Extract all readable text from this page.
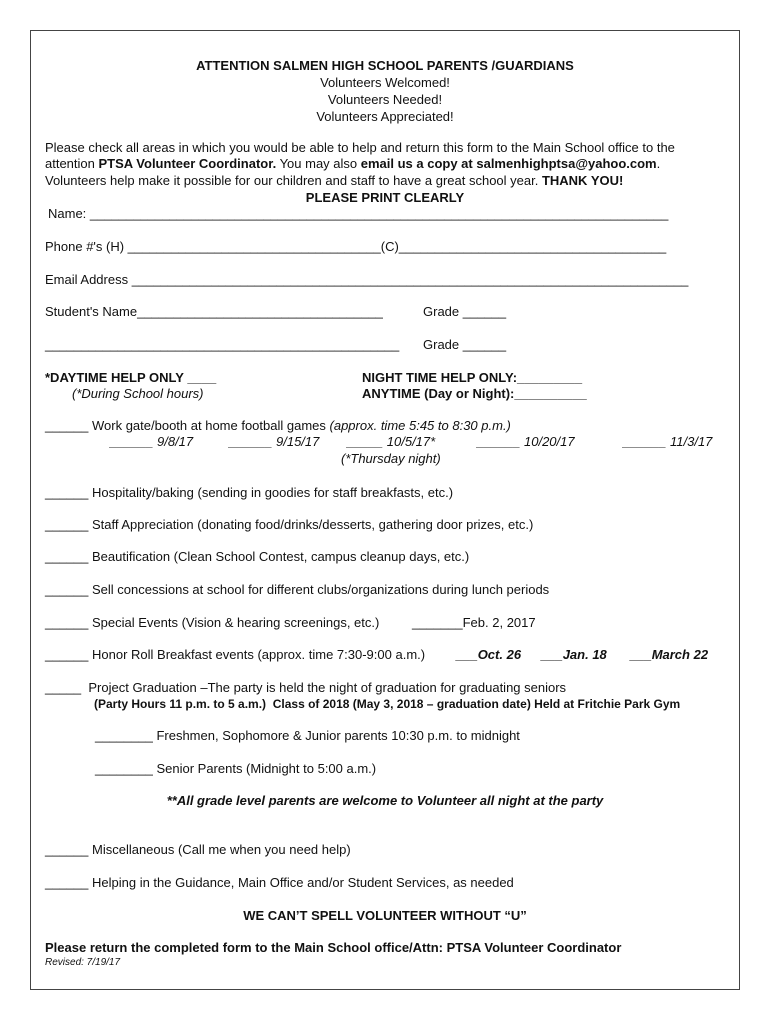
ATTENTION SALMEN HIGH SCHOOL PARENTS /GUARDIANS
Volunteers Welcomed!
Volunteers Needed!
Volunteers Appreciated!
Please check all areas in which you would be able to help and return this form to the Main School office to the
attention PTSA Volunteer Coordinator. You may also email us a copy at salmenhighptsa@yahoo.com.
Volunteers help make it possible for our children and staff to have a great school year. THANK YOU!
PLEASE PRINT CLEARLY
Name: ________________________________________________________________________________
Phone #'s (H) ___________________________________(C)_____________________________________
Email Address _____________________________________________________________________________
Student's Name__________________________________	Grade ______
_________________________________________________ Grade ______
*DAYTIME HELP ONLY ____
(*During School hours)
NIGHT TIME HELP ONLY:_________
ANYTIME (Day or Night):__________
______ Work gate/booth at home football games (approx. time 5:45 to 8:30 p.m.)
______ 9/8/17	______ 9/15/17 _____ 10/5/17*	______ 10/20/17	______ 11/3/17
(*Thursday night)
______ Hospitality/baking (sending in goodies for staff breakfasts, etc.)
______ Staff Appreciation (donating food/drinks/desserts, gathering door prizes, etc.)
______ Beautification (Clean School Contest, campus cleanup days, etc.)
______ Sell concessions at school for different clubs/organizations during lunch periods
______ Special Events (Vision & hearing screenings, etc.)	_______Feb. 2, 2017
______ Honor Roll Breakfast events (approx. time 7:30-9:00 a.m.) ___Oct. 26 ___Jan. 18 ___March 22
_____  Project Graduation –The party is held the night of graduation for graduating seniors
(Party Hours 11 p.m. to 5 a.m.)  Class of 2018 (May 3, 2018 – graduation date) Held at Fritchie Park Gym
________ Freshmen, Sophomore & Junior parents 10:30 p.m. to midnight
________ Senior Parents (Midnight to 5:00 a.m.)
**All grade level parents are welcome to Volunteer all night at the party
______ Miscellaneous (Call me when you need help)
______ Helping in the Guidance, Main Office and/or Student Services, as needed
WE CAN’T SPELL VOLUNTEER WITHOUT “U”
Please return the completed form to the Main School office/Attn: PTSA Volunteer Coordinator
Revised: 7/19/17
